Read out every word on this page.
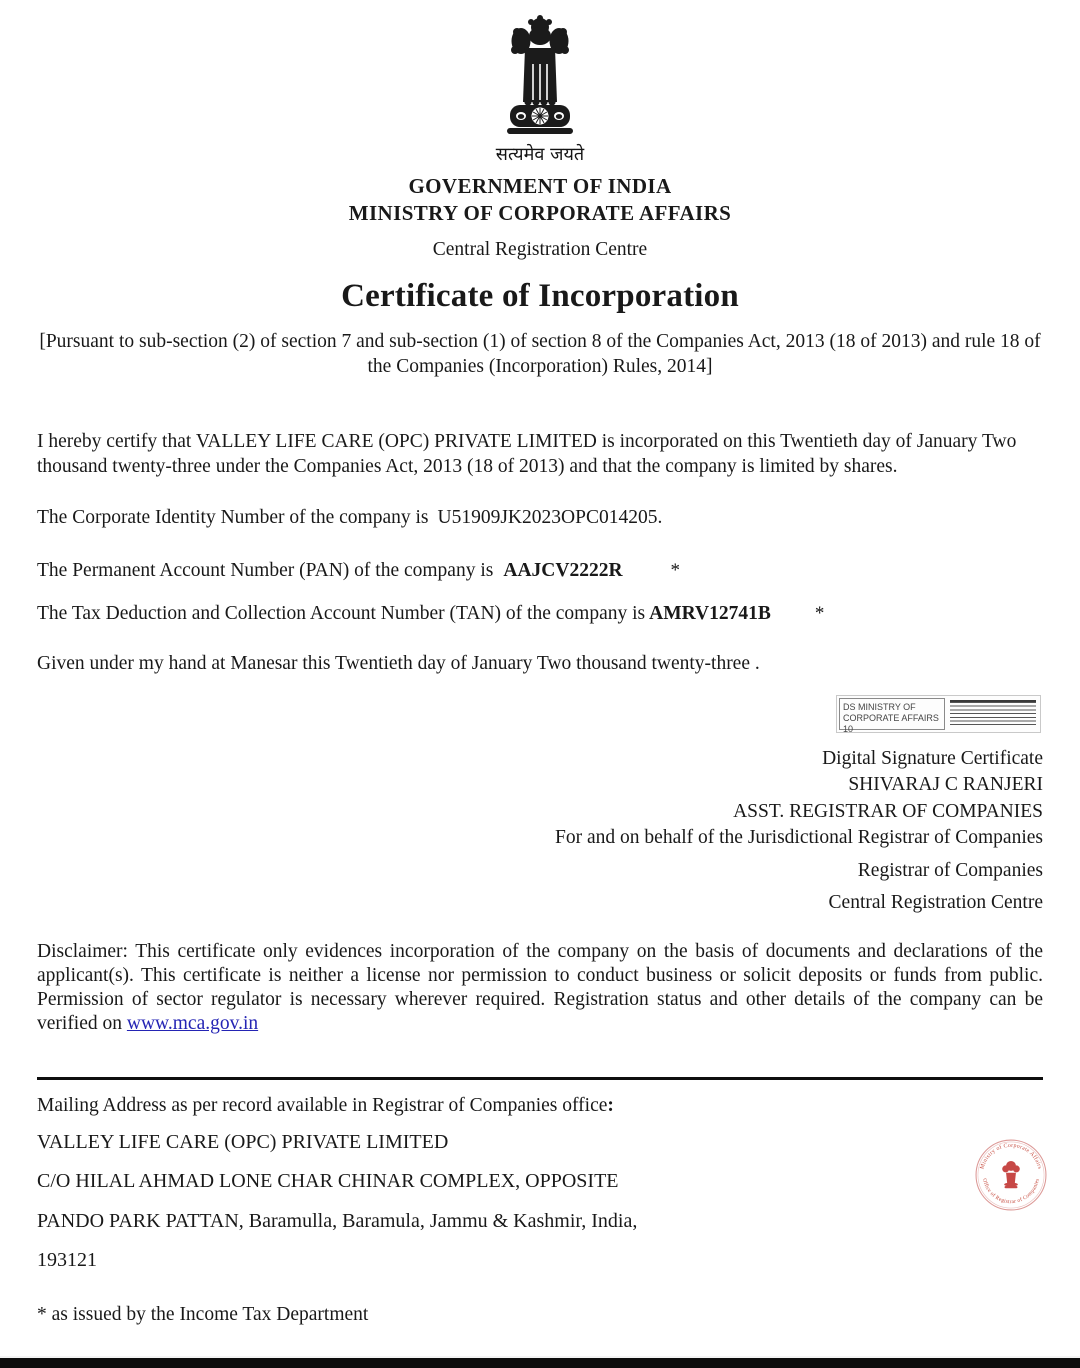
सत्यमेव जयते
GOVERNMENT OF INDIA
MINISTRY OF CORPORATE AFFAIRS
Central Registration Centre
Certificate of Incorporation

[Pursuant to sub-section (2) of section 7 and sub-section (1) of section 8 of the Companies Act, 2013 (18 of 2013) and rule 18 of the Companies (Incorporation) Rules, 2014]

I hereby certify that VALLEY LIFE CARE (OPC) PRIVATE LIMITED is incorporated on this Twentieth day of January Two thousand twenty-three under the Companies Act, 2013 (18 of 2013) and that the company is limited by shares.

The Corporate Identity Number of the company is U51909JK2023OPC014205.

The Permanent Account Number (PAN) of the company is AAJCV2222R	*

The Tax Deduction and Collection Account Number (TAN) of the company is AMRV12741B *

Given under my hand at Manesar this Twentieth day of January Two thousand twenty-three .

DS MINISTRY OF
CORPORATE AFFAIRS 10
Digital Signature Certificate
SHIVARAJ C RANJERI
ASST. REGISTRAR OF COMPANIES
For and on behalf of the Jurisdictional Registrar of Companies
Registrar of Companies
Central Registration Centre

Disclaimer: This certificate only evidences incorporation of the company on the basis of documents and declarations of the applicant(s). This certificate is neither a license nor permission to conduct business or solicit deposits or funds from public. Permission of sector regulator is necessary wherever required. Registration status and other details of the company can be verified on www.mca.gov.in

Mailing Address as per record available in Registrar of Companies office:

VALLEY LIFE CARE (OPC) PRIVATE LIMITED

C/O HILAL AHMAD LONE CHAR CHINAR COMPLEX, OPPOSITE

PANDO PARK PATTAN, Baramulla, Baramula, Jammu & Kashmir, India,

193121

Ministry of Corporate Affairs
Office of Registrar of Companies

* as issued by the Income Tax Department
